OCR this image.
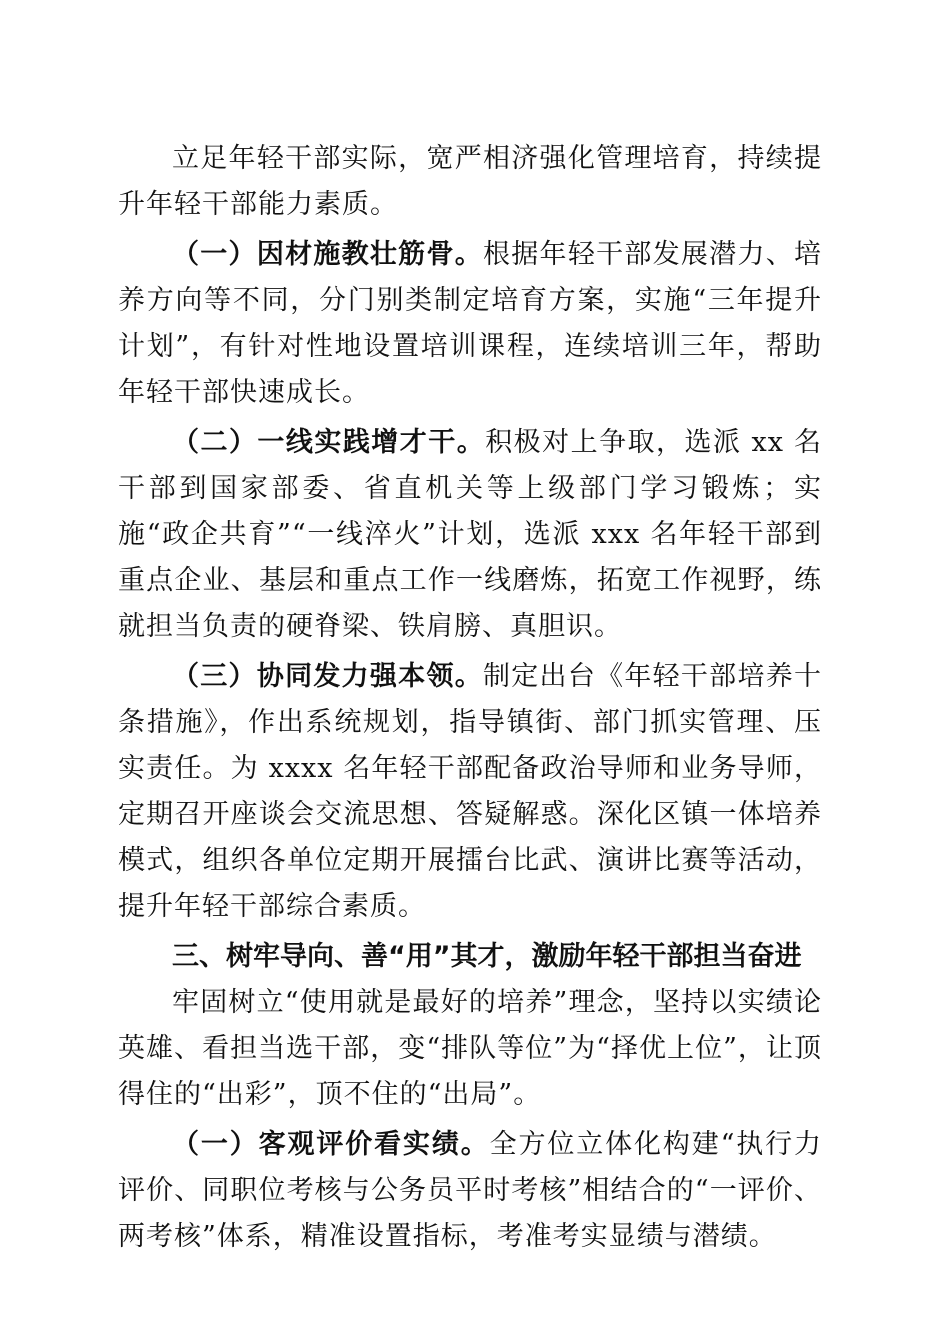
立足年轻干部实际，宽严相济强化管理培育，持续提升年轻干部能力素质。

（一）因材施教壮筋骨。根据年轻干部发展潜力、培养方向等不同，分门别类制定培育方案，实施“三年提升计划”，有针对性地设置培训课程，连续培训三年，帮助年轻干部快速成长。

（二）一线实践增才干。积极对上争取，选派 xx 名干部到国家部委、省直机关等上级部门学习锻炼；实施“政企共育”“一线淬火”计划，选派 xxx 名年轻干部到重点企业、基层和重点工作一线磨炼，拓宽工作视野，练就担当负责的硬脊梁、铁肩膀、真胆识。

（三）协同发力强本领。制定出台《年轻干部培养十条措施》，作出系统规划，指导镇街、部门抓实管理、压实责任。为 xxxx 名年轻干部配备政治导师和业务导师，定期召开座谈会交流思想、答疑解惑。深化区镇一体培养模式，组织各单位定期开展擂台比武、演讲比赛等活动，提升年轻干部综合素质。

三、树牢导向、善“用”其才，激励年轻干部担当奋进

牢固树立“使用就是最好的培养”理念，坚持以实绩论英雄、看担当选干部，变“排队等位”为“择优上位”，让顶得住的“出彩”，顶不住的“出局”。

（一）客观评价看实绩。全方位立体化构建“执行力评价、同职位考核与公务员平时考核”相结合的“一评价、两考核”体系，精准设置指标，考准考实显绩与潜绩。
